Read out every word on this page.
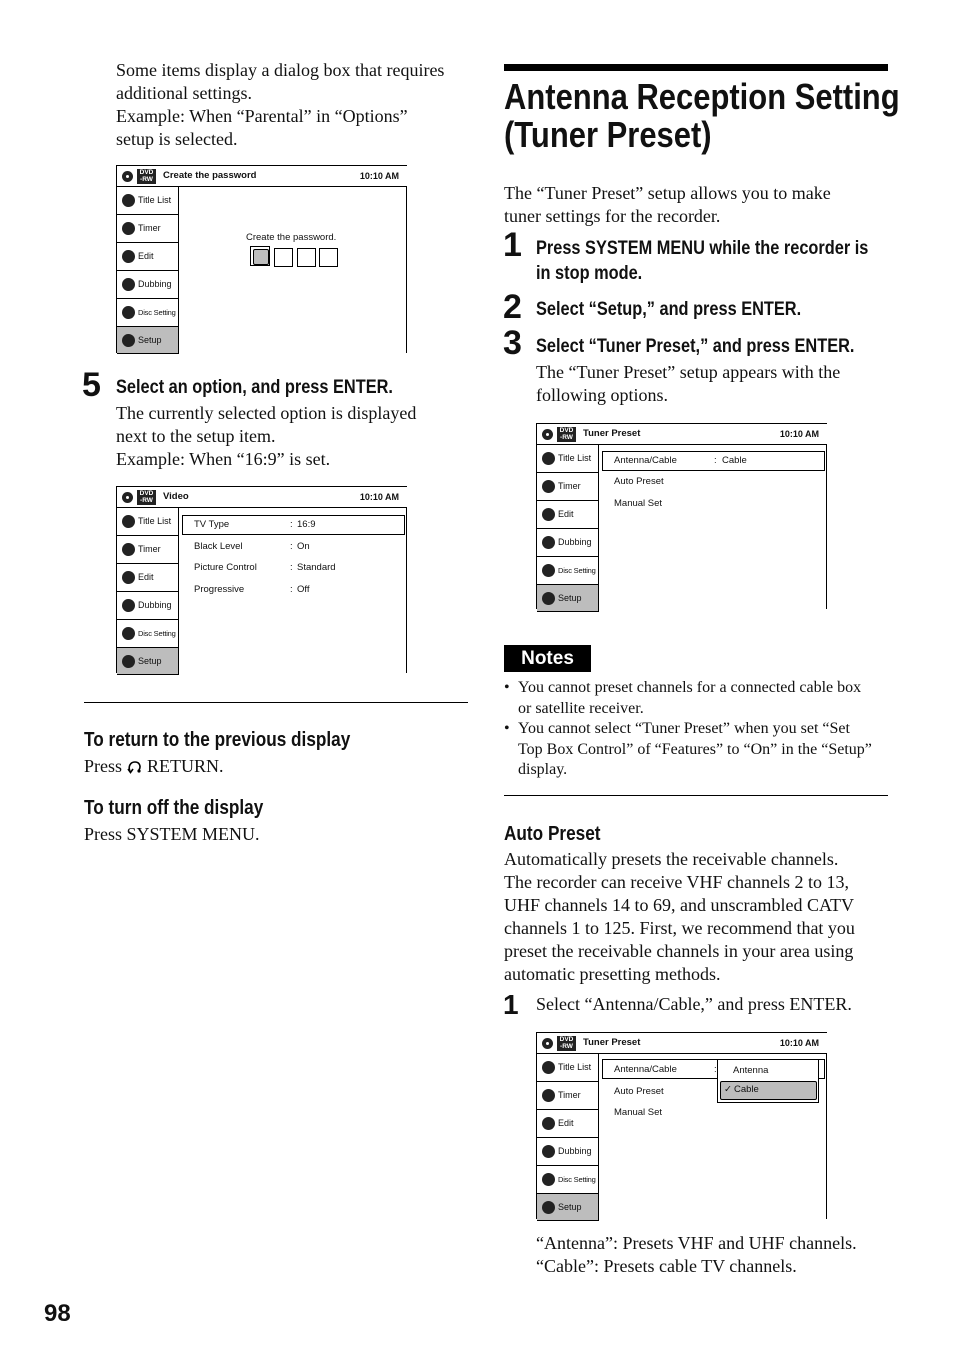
Some items display a dialog box that requires
additional settings.
Example: When “Parental” in “Options”
setup is selected.
DVD
-RW	Create the password	10:10 AM
Title List
Timer
Edit
Dubbing
Disc Setting
Setup
Create the password.
5 Select an option, and press ENTER.
The currently selected option is displayed
next to the setup item.
Example: When “16:9” is set.
DVD
-RW	Video	10:10 AM
Title List
Timer
Edit
Dubbing
Disc Setting
Setup
TV Type	: 16:9
Black Level	: On
Picture Control	: Standard
Progressive	: Off
To return to the previous display
Press RETURN.
To turn off the display
Press SYSTEM MENU.
98
Antenna Reception Setting
(Tuner Preset)
The “Tuner Preset” setup allows you to make
tuner settings for the recorder.
1 Press SYSTEM MENU while the recorder is
in stop mode.
2 Select “Setup,” and press ENTER.
3 Select “Tuner Preset,” and press ENTER.
The “Tuner Preset” setup appears with the
following options.
DVD
-RW	Tuner Preset	10:10 AM
Title List
Timer
Edit
Dubbing
Disc Setting
Setup
Antenna/Cable	: Cable
Auto Preset
Manual Set
Notes
• You cannot preset channels for a connected cable box
or satellite receiver.
• You cannot select “Tuner Preset” when you set “Set
Top Box Control” of “Features” to “On” in the “Setup”
display.
Auto Preset
Automatically presets the receivable channels.
The recorder can receive VHF channels 2 to 13,
UHF channels 14 to 69, and unscrambled CATV
channels 1 to 125. First, we recommend that you
preset the receivable channels in your area using
automatic presetting methods.
1 Select “Antenna/Cable,” and press ENTER.
DVD
-RW	Tuner Preset	10:10 AM
Title List
Timer
Edit
Dubbing
Disc Setting
Setup
Antenna/Cable	:
Auto Preset
Manual Set
Antenna
✓ Cable
“Antenna”: Presets VHF and UHF channels.
“Cable”: Presets cable TV channels.
